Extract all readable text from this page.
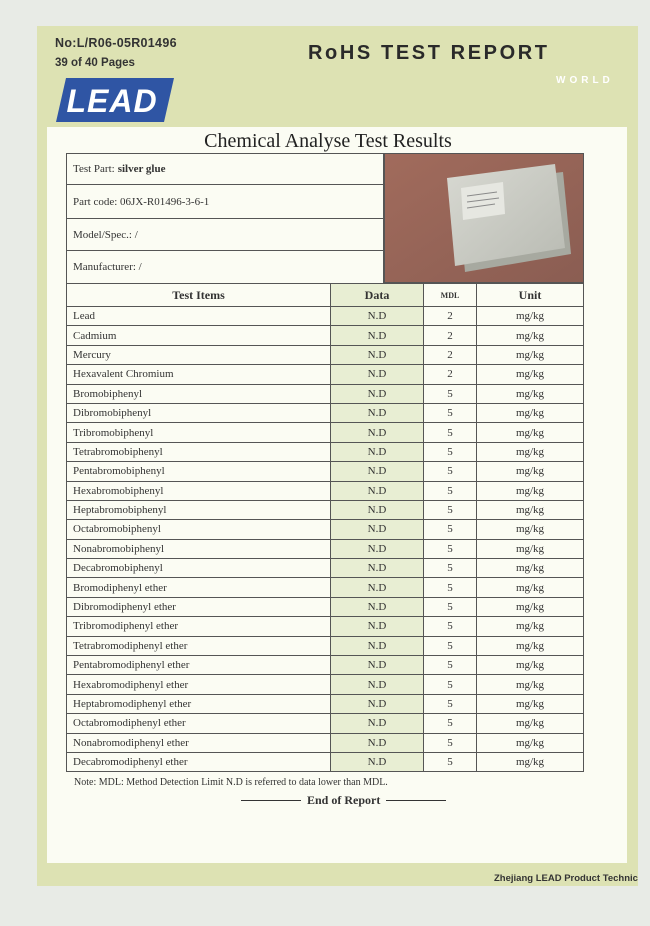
No:L/R06-05R01496
39 of 40 Pages	RoHS TEST REPORT
WORLD
LEAD
Chemical Analyse Test Results
Test Part: silver glue
Part code: 06JX-R01496-3-6-1
Model/Spec.: /
Manufacturer: /
Test Items	Data	MDL	Unit
Lead	N.D	2	mg/kg
Cadmium	N.D	2	mg/kg
Mercury	N.D	2	mg/kg
Hexavalent Chromium	N.D	2	mg/kg
Bromobiphenyl	N.D	5	mg/kg
Dibromobiphenyl	N.D	5	mg/kg
Tribromobiphenyl	N.D	5	mg/kg
Tetrabromobiphenyl	N.D	5	mg/kg
Pentabromobiphenyl	N.D	5	mg/kg
Hexabromobiphenyl	N.D	5	mg/kg
Heptabromobiphenyl	N.D	5	mg/kg
Octabromobiphenyl	N.D	5	mg/kg
Nonabromobiphenyl	N.D	5	mg/kg
Decabromobiphenyl	N.D	5	mg/kg
Bromodiphenyl ether	N.D	5	mg/kg
Dibromodiphenyl ether	N.D	5	mg/kg
Tribromodiphenyl ether	N.D	5	mg/kg
Tetrabromodiphenyl ether	N.D	5	mg/kg
Pentabromodiphenyl ether	N.D	5	mg/kg
Hexabromodiphenyl ether	N.D	5	mg/kg
Heptabromodiphenyl ether	N.D	5	mg/kg
Octabromodiphenyl ether	N.D	5	mg/kg
Nonabromodiphenyl ether	N.D	5	mg/kg
Decabromodiphenyl ether	N.D	5	mg/kg
Note: MDL: Method Detection Limit N.D is referred to data lower than MDL.
End of Report
Zhejiang LEAD Product Technic
